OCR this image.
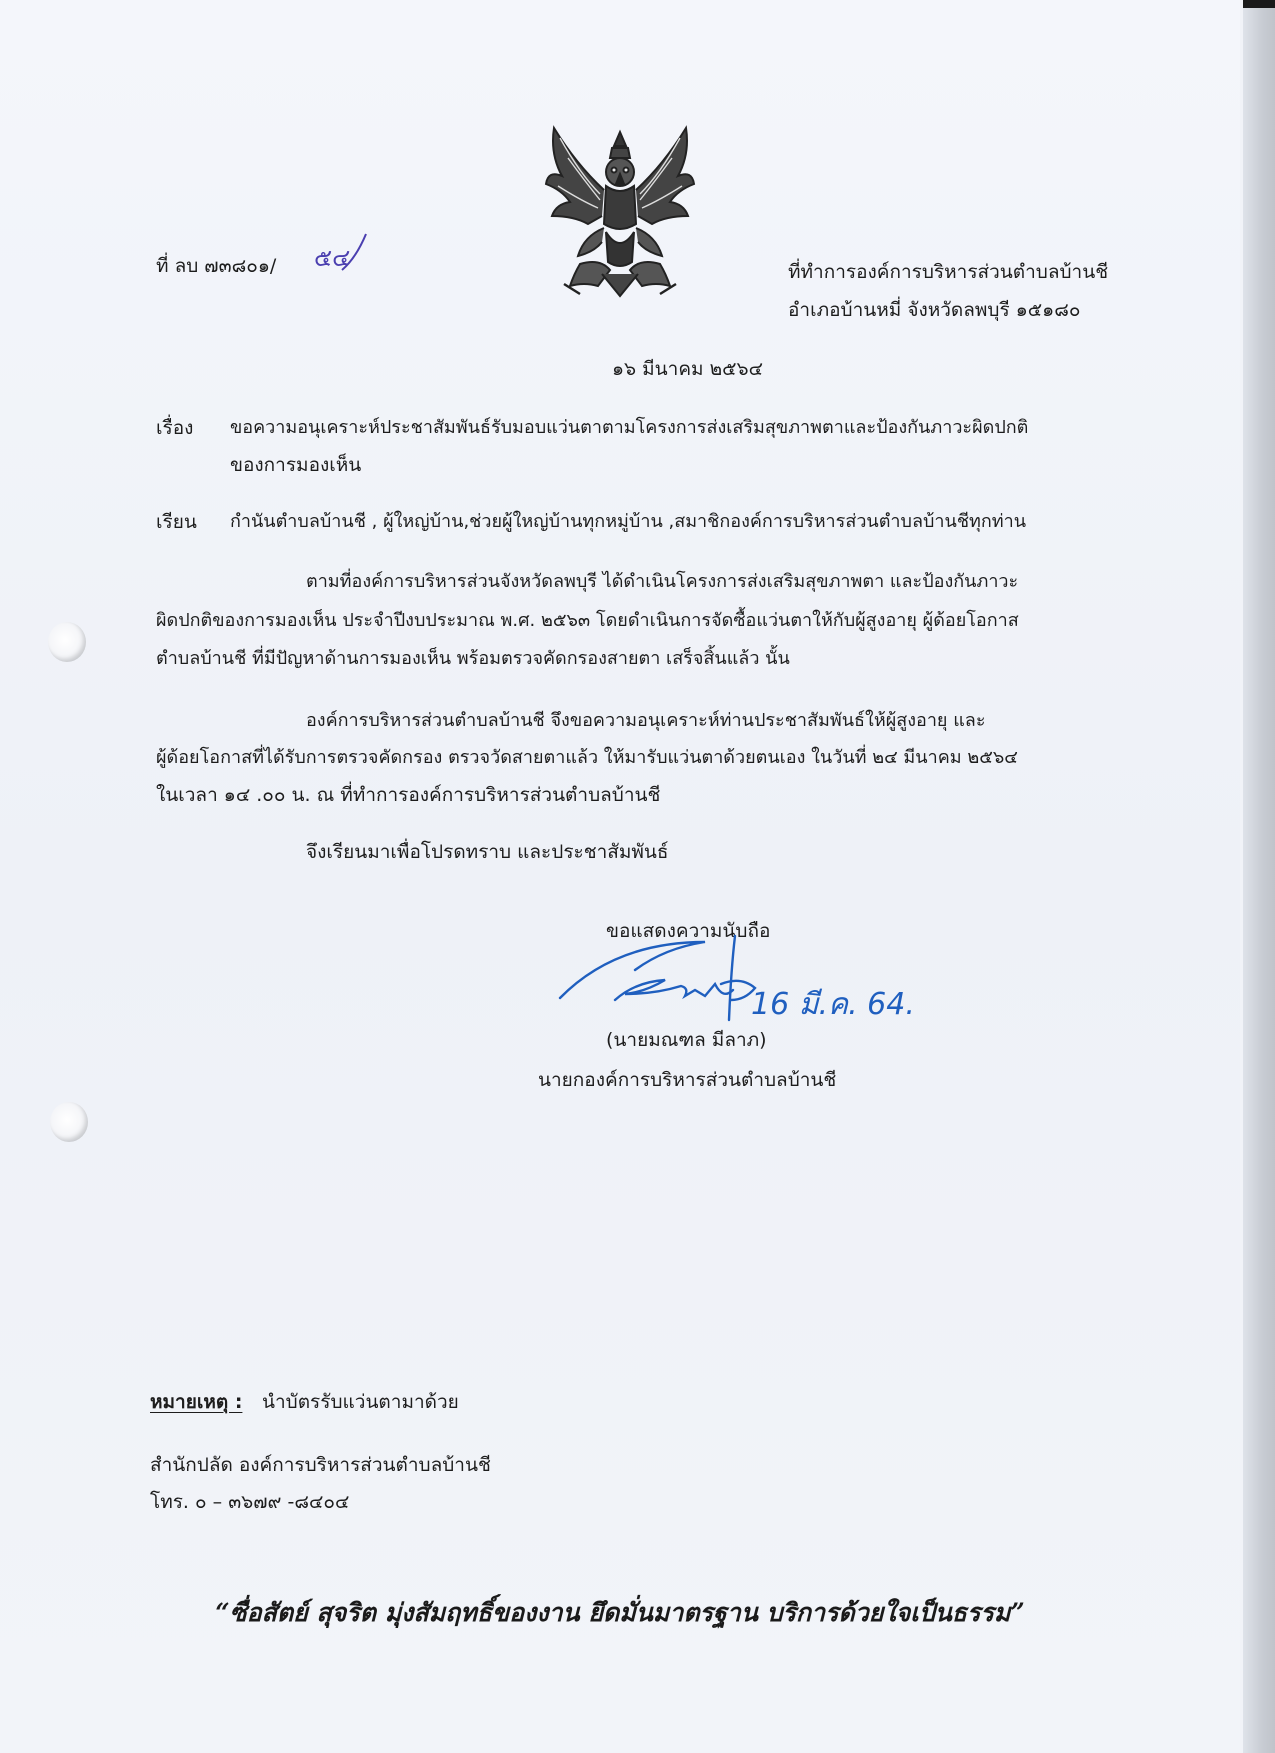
ที่ ลบ ๗๓๘๐๑/ ๕๔	ที่ทำการองค์การบริหารส่วนตำบลบ้านชี
อำเภอบ้านหมี่ จังหวัดลพบุรี ๑๕๑๘๐
๑๖ มีนาคม ๒๕๖๔
เรื่อง ขอความอนุเคราะห์ประชาสัมพันธ์รับมอบแว่นตาตามโครงการส่งเสริมสุขภาพตาและป้องกันภาวะผิดปกติ
ของการมองเห็น
เรียน กำนันตำบลบ้านชี , ผู้ใหญ่บ้าน,ช่วยผู้ใหญ่บ้านทุกหมู่บ้าน ,สมาชิกองค์การบริหารส่วนตำบลบ้านชีทุกท่าน
ตามที่องค์การบริหารส่วนจังหวัดลพบุรี ได้ดำเนินโครงการส่งเสริมสุขภาพตา และป้องกันภาวะ
ผิดปกติของการมองเห็น ประจำปีงบประมาณ พ.ศ. ๒๕๖๓ โดยดำเนินการจัดซื้อแว่นตาให้กับผู้สูงอายุ ผู้ด้อยโอกาส
ตำบลบ้านชี ที่มีปัญหาด้านการมองเห็น พร้อมตรวจคัดกรองสายตา เสร็จสิ้นแล้ว นั้น
องค์การบริหารส่วนตำบลบ้านชี จึงขอความอนุเคราะห์ท่านประชาสัมพันธ์ให้ผู้สูงอายุ และ
ผู้ด้อยโอกาสที่ได้รับการตรวจคัดกรอง ตรวจวัดสายตาแล้ว ให้มารับแว่นตาด้วยตนเอง ในวันที่ ๒๔ มีนาคม ๒๕๖๔
ในเวลา ๑๔ .๐๐ น. ณ ที่ทำการองค์การบริหารส่วนตำบลบ้านชี
จึงเรียนมาเพื่อโปรดทราบ และประชาสัมพันธ์
ขอแสดงความนับถือ
16 มี.ค. 64.
(นายมณฑล มีลาภ)
นายกองค์การบริหารส่วนตำบลบ้านชี
หมายเหตุ : นำบัตรรับแว่นตามาด้วย
สำนักปลัด องค์การบริหารส่วนตำบลบ้านชี
โทร. ๐ – ๓๖๗๙ -๘๔๐๔
“ซื่อสัตย์ สุจริต มุ่งสัมฤทธิ์ของงาน ยึดมั่นมาตรฐาน บริการด้วยใจเป็นธรรม”
